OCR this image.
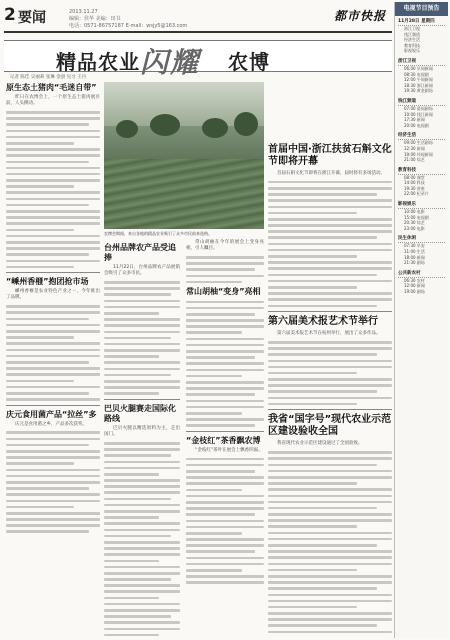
2 要闻	2013.11.27
编辑：侯华 美编：田书
电话：0571-86757187 E-mail：wsjy5@163.com
都市快报
精品农业 闪耀 农博
记者 陈佳 吴丽莉 张琳 金晨 见习 王丹
原生态土猪肉“毛迷自带”
昨日在农博会上，一个原生态土猪肉展区前，人头攒动。
“嵊州香榧”抱团抢市场
嵊州香榧是农业特色产业之一，今年推出了品牌。
庆元食用菌产品“拉丝”多
庆元是食用菌之乡，产品多次获奖。
农博会期间，来自各地的精品农业吸引了众多市民前来选购。
台州品牌农产品受追捧
11月22日，台州品牌农产品展销会吸引了众多市民。
巴贝火腿赛走国际化路线
巴贝火腿以精选原料为主，走出国门。
常山胡柚在今年的展会上变身亮相，引人瞩目。
常山胡柚“变身”亮相
“金枝红”茶香飘农博
“金枝红”茶叶在展会上飘香四溢。
首届中国·浙江扶贫石斛文化节即将开幕
首届石斛文化节即将在浙江开幕，届时将有多场活动。
第六届美术报艺术节举行
第六届美术报艺术节在杭州举行，展出了众多作品。
我省“国字号”现代农业示范区建设验收全国
我省现代农业示范区建设通过了全国验收。
电视节目预告
11月28日 星期四
浙江卫视
钱江频道
经济生活
教育科技
影视娱乐
浙江卫视
06:00 早间新闻
08:30 电视剧
12:00 午间新闻
18:30 浙江新闻
19:30 黄金剧场
钱江频道
07:00 晨间剧场
10:00 钱江新闻
17:30 新闻
20:00 电视剧
经济生活
09:00 生活剧场
12:30 新闻
19:00 经视新闻
21:00 综艺
教育科技
08:00 课堂
14:00 科技
19:30 讲座
22:00 纪录片
影视娱乐
10:00 电影
15:00 电视剧
20:30 综艺
23:00 电影
民生休闲
07:30 早安
11:00 生活
18:00 新闻
21:30 剧场
公共新农村
06:30 农村
12:00 新闻
19:00 剧场
